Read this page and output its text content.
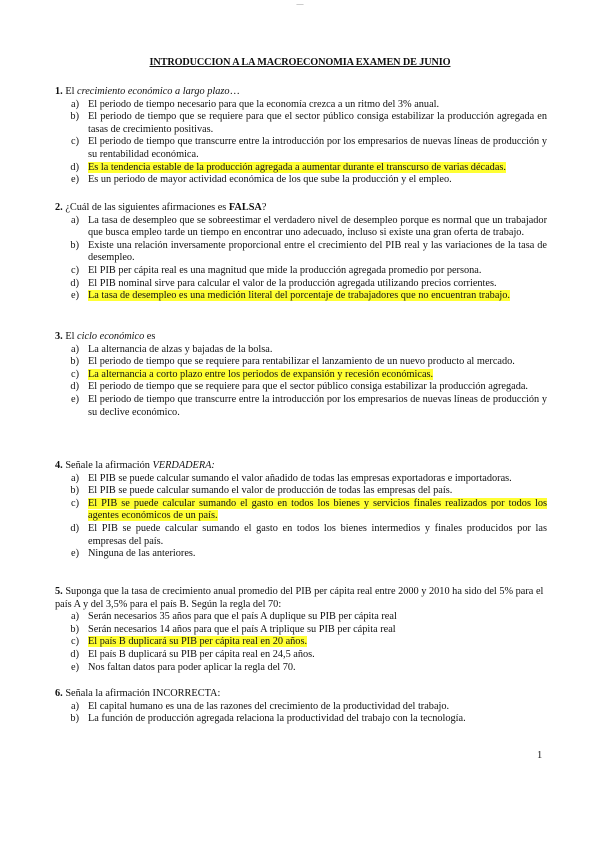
—
INTRODUCCION A LA MACROECONOMIA EXAMEN DE JUNIO

1. El crecimiento económico a largo plazo…

a) El periodo de tiempo necesario para que la economía crezca a un ritmo del 3% anual.
b) El periodo de tiempo que se requiere para que el sector público consiga estabilizar la producción agregada en tasas de crecimiento positivas.
c) El periodo de tiempo que transcurre entre la introducción por los empresarios de nuevas líneas de producción y su rentabilidad económica.
d) Es la tendencia estable de la producción agregada a aumentar durante el transcurso de varias décadas.
e) Es un periodo de mayor actividad económica de los que sube la producción y el empleo.

2. ¿Cuál de las siguientes afirmaciones es FALSA?

a) La tasa de desempleo que se sobreestimar el verdadero nivel de desempleo porque es normal que un trabajador que busca empleo tarde un tiempo en encontrar uno adecuado, incluso si existe una gran oferta de trabajo.
b) Existe una relación inversamente proporcional entre el crecimiento del PIB real y las variaciones de la tasa de desempleo.
c) El PIB per cápita real es una magnitud que mide la producción agregada promedio por persona.
d) El PIB nominal sirve para calcular el valor de la producción agregada utilizando precios corrientes.
e) La tasa de desempleo es una medición literal del porcentaje de trabajadores que no encuentran trabajo.

3. El ciclo económico es

a) La alternancia de alzas y bajadas de la bolsa.
b) El periodo de tiempo que se requiere para rentabilizar el lanzamiento de un nuevo producto al mercado.
c) La alternancia a corto plazo entre los periodos de expansión y recesión económicas.
d) El periodo de tiempo que se requiere para que el sector público consiga estabilizar la producción agregada.
e) El periodo de tiempo que transcurre entre la introducción por los empresarios de nuevas líneas de producción y su declive económico.

4. Señale la afirmación VERDADERA:

a) El PIB se puede calcular sumando el valor añadido de todas las empresas exportadoras e importadoras.
b) El PIB se puede calcular sumando el valor de producción de todas las empresas del país.
c) El PIB se puede calcular sumando el gasto en todos los bienes y servicios finales realizados por todos los agentes económicos de un país.
d) El PIB se puede calcular sumando el gasto en todos los bienes intermedios y finales producidos por las empresas del país.
e) Ninguna de las anteriores.

5. Suponga que la tasa de crecimiento anual promedio del PIB per cápita real entre 2000 y 2010 ha sido del 5% para el país A y del 3,5% para el país B. Según la regla del 70:

a) Serán necesarios 35 años para que el país A duplique su PIB per cápita real
b) Serán necesarios 14 años para que el país A triplique su PIB per cápita real
c) El país B duplicará su PIB per cápita real en 20 años.
d) El país B duplicará su PIB per cápita real en 24,5 años.
e) Nos faltan datos para poder aplicar la regla del 70.

6. Señala la afirmación INCORRECTA:

a) El capital humano es una de las razones del crecimiento de la productividad del trabajo.
b) La función de producción agregada relaciona la productividad del trabajo con la tecnología.
1
